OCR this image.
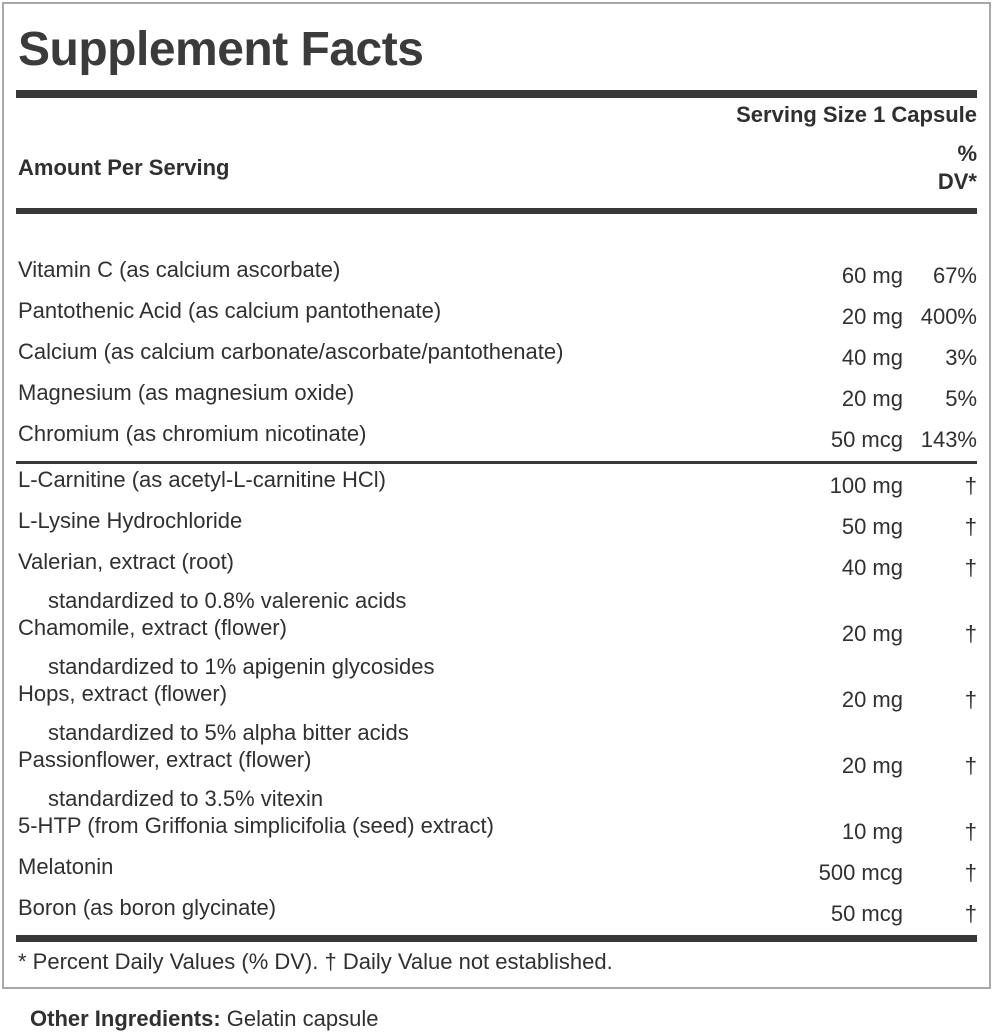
Supplement Facts
Serving Size 1 Capsule
Amount Per Serving
%
DV*
Vitamin C (as calcium ascorbate)	60 mg	67%
Pantothenic Acid (as calcium pantothenate)	20 mg 400%
Calcium (as calcium carbonate/ascorbate/pantothenate)	40 mg	3%
Magnesium (as magnesium oxide)	20 mg	5%
Chromium (as chromium nicotinate)	50 mcg 143%
L-Carnitine (as acetyl-L-carnitine HCl)	100 mg	†
L-Lysine Hydrochloride	50 mg	†
Valerian, extract (root)	40 mg	†
standardized to 0.8% valerenic acids
Chamomile, extract (flower)	20 mg	†
standardized to 1% apigenin glycosides
Hops, extract (flower)	20 mg	†
standardized to 5% alpha bitter acids
Passionflower, extract (flower)	20 mg	†
standardized to 3.5% vitexin
5-HTP (from Griffonia simplicifolia (seed) extract)	10 mg	†
Melatonin	500 mcg	†
Boron (as boron glycinate)	50 mcg	†
* Percent Daily Values (% DV). † Daily Value not established.
Other Ingredients: Gelatin capsule
